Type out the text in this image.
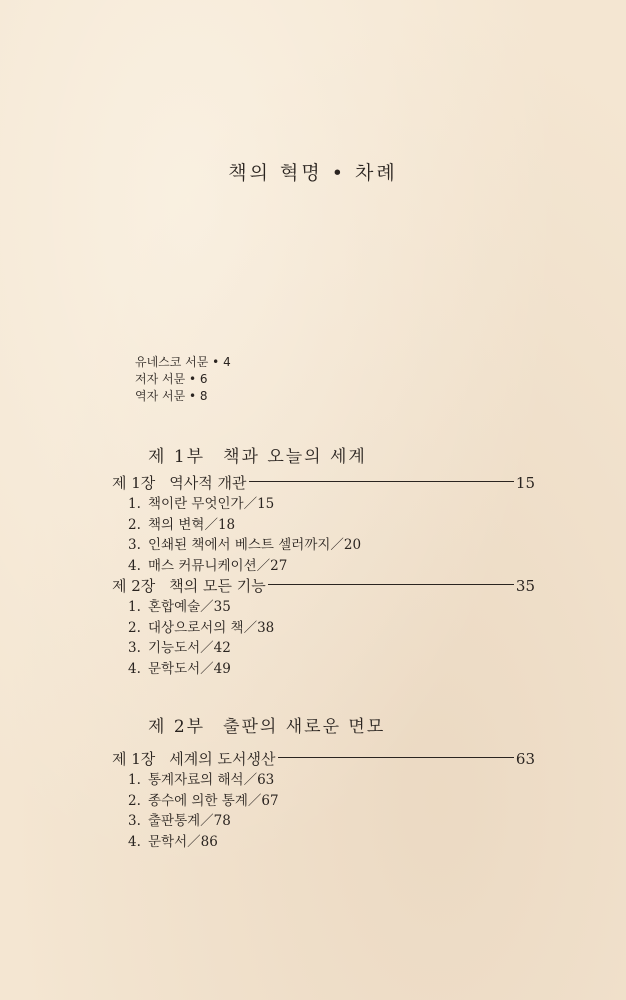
책의 혁명 • 차례
유네스코 서문 • 4
저자 서문 • 6
역자 서문 • 8
제 1부 책과 오늘의 세계
제 1장 역사적 개관	15
1. 책이란 무엇인가／15
2. 책의 변혁／18
3. 인쇄된 책에서 베스트 셀러까지／20
4. 매스 커뮤니케이션／27
제 2장 책의 모든 기능	35
1. 혼합예술／35
2. 대상으로서의 책／38
3. 기능도서／42
4. 문학도서／49
제 2부 출판의 새로운 면모
제 1장 세계의 도서생산	63
1. 통계자료의 해석／63
2. 종수에 의한 통계／67
3. 출판통계／78
4. 문학서／86
